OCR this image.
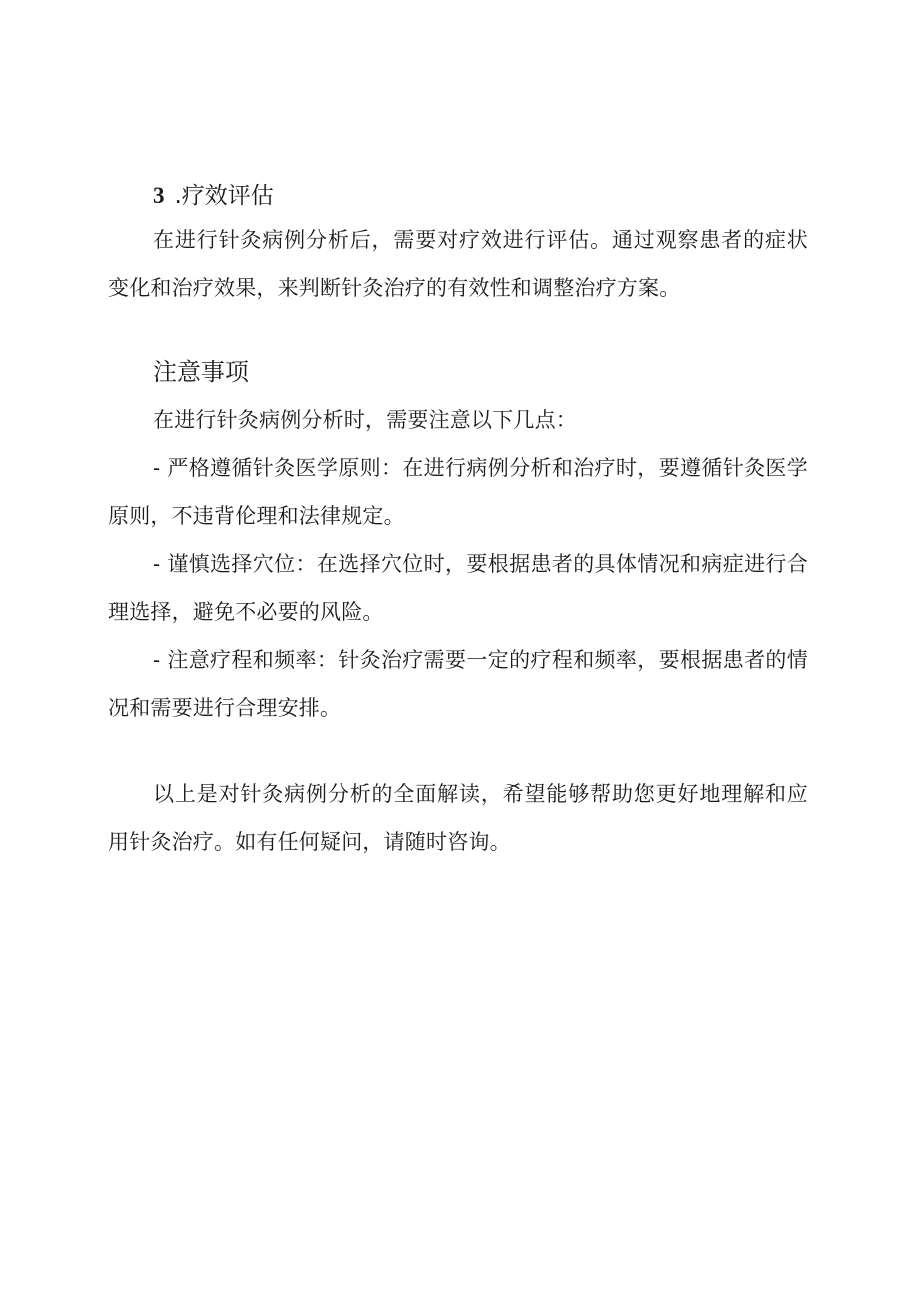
3 .疗效评估

在进行针灸病例分析后，需要对疗效进行评估。通过观察患者的症状变化和治疗效果，来判断针灸治疗的有效性和调整治疗方案。

注意事项

在进行针灸病例分析时，需要注意以下几点：

- 严格遵循针灸医学原则：在进行病例分析和治疗时，要遵循针灸医学原则，不违背伦理和法律规定。

- 谨慎选择穴位：在选择穴位时，要根据患者的具体情况和病症进行合理选择，避免不必要的风险。

- 注意疗程和频率：针灸治疗需要一定的疗程和频率，要根据患者的情况和需要进行合理安排。

以上是对针灸病例分析的全面解读，希望能够帮助您更好地理解和应用针灸治疗。如有任何疑问，请随时咨询。
